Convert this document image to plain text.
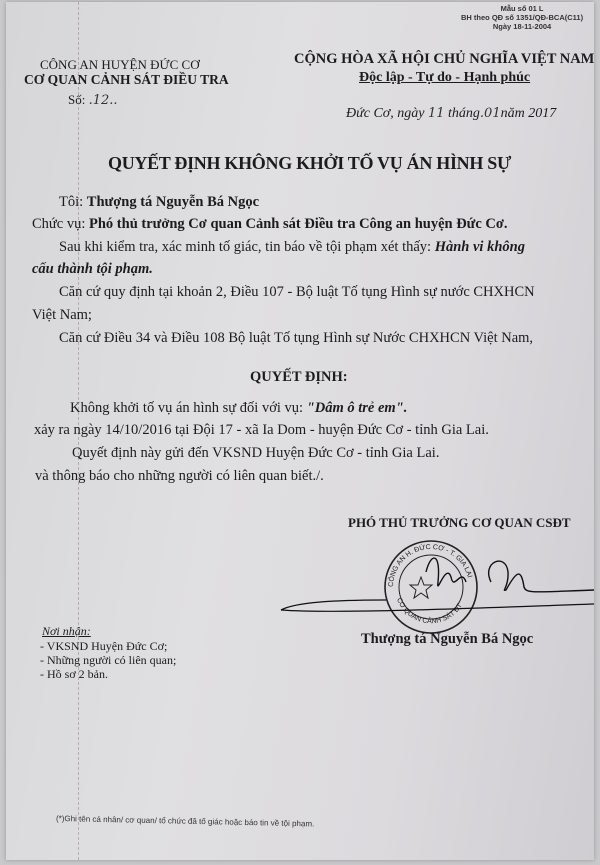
Mẫu số 01 L
BH theo QĐ số 1351/QĐ-BCA(C11)
Ngày 18-11-2004
CÔNG AN HUYỆN ĐỨC CƠ
CƠ QUAN CẢNH SÁT ĐIỀU TRA
Số: .12..
CỘNG HÒA XÃ HỘI CHỦ NGHĨA VIỆT NAM
Độc lập - Tự do - Hạnh phúc
Đức Cơ, ngày 11 tháng.01năm 2017
QUYẾT ĐỊNH KHÔNG KHỞI TỐ VỤ ÁN HÌNH SỰ
Tôi: Thượng tá Nguyễn Bá Ngọc
Chức vụ: Phó thủ trưởng Cơ quan Cảnh sát Điều tra Công an huyện Đức Cơ.
Sau khi kiểm tra, xác minh tố giác, tin báo về tội phạm xét thấy: Hành vi không
cấu thành tội phạm.
Căn cứ quy định tại khoản 2, Điều 107 - Bộ luật Tố tụng Hình sự nước CHXHCN
Việt Nam;
Căn cứ Điều 34 và Điều 108 Bộ luật Tố tụng Hình sự Nước CHXHCN Việt Nam,
QUYẾT ĐỊNH:
Không khởi tố vụ án hình sự đối với vụ: "Dâm ô trẻ em".
xảy ra ngày 14/10/2016 tại Đội 17 - xã Ia Dom - huyện Đức Cơ - tỉnh Gia Lai.
Quyết định này gửi đến VKSND Huyện Đức Cơ - tỉnh Gia Lai.
và thông báo cho những người có liên quan biết./.
PHÓ THỦ TRƯỞNG CƠ QUAN CSĐT
CÔNG AN H. ĐỨC CƠ - T. GIA LAI
CƠ QUAN CẢNH SÁT ĐT
Thượng tá Nguyễn Bá Ngọc
Nơi nhận:
- VKSND Huyện Đức Cơ;
- Những người có liên quan;
- Hồ sơ 2 bản.
(*)Ghi tên cá nhân/ cơ quan/ tổ chức đã tố giác hoặc báo tin về tội phạm.
